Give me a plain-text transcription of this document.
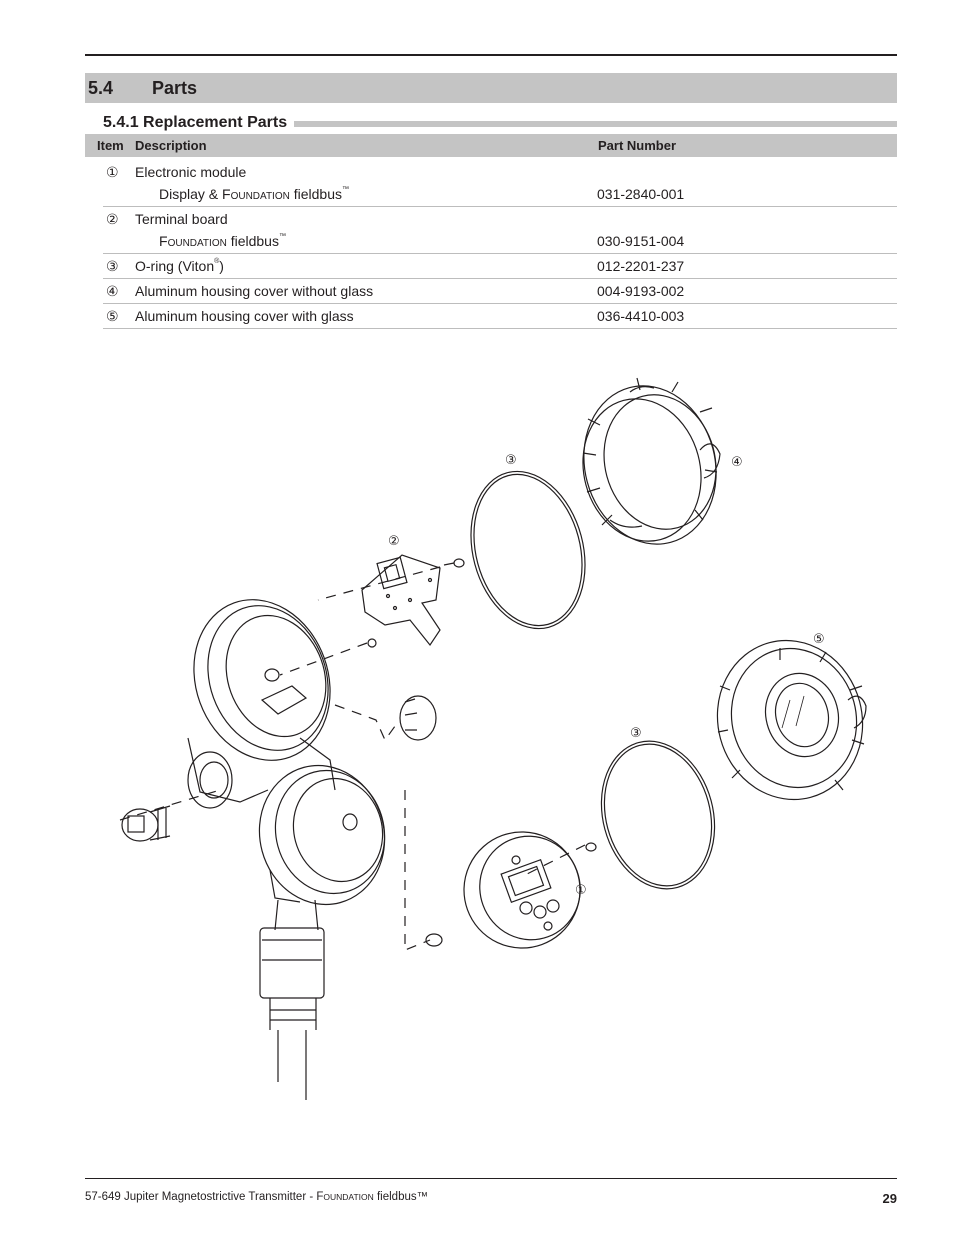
5.4	Parts
5.4.1 Replacement Parts
Item Description	Part Number
① Electronic module
Display & FOUNDATION fieldbus™	031-2840-001
② Terminal board
FOUNDATION fieldbus™	030-9151-004
③ O-ring (Viton®)	012-2201-237
④ Aluminum housing cover without glass	004-9193-002
⑤ Aluminum housing cover with glass	036-4410-003
①
②
③
③
④
⑤
57-649 Jupiter Magnetostrictive Transmitter - FOUNDATION fieldbus™	29
